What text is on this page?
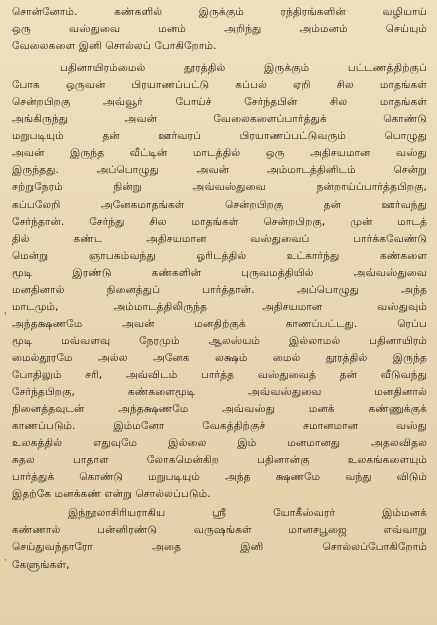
சொன்னோம். கண்களில் இருக்கும் ரந்திரங்களின் வழியாய்
ஒரு வஸ்துவை மனம் அறிந்து அம்மனம் செய்யும்
வேலைகளை இனி சொல்லப் போகிறோம்.
பதினாயிரம்மைல் தூரத்தில் இருக்கும் பட்டணத்திற்குப்
போக ஒருவன் பிரயாணப்பட்டு கப்பல் ஏறி சில மாதங்கள்
சென்றபிறகு அவ்வூர் போய்ச் சேர்ந்தபின் சில மாதங்கள்
அங்கிருந்து அவன் வேலைகளைப்பார்த்துக் கொண்டு
மறுபடியும் தன் ஊர்வரப் பிரயாணப்பட்டுவரும் பொழுது
அவன் இருந்த வீட்டின் மாடத்தில் ஒரு அதிசயமான வஸ்து
இருந்தது. அப்பொழுது அவன் அம்மாடத்தினிடம் சென்று
சற்றுநேரம் நின்று அவ்வஸ்துவை நன்றாய்ப்பார்த்தபிறகு,
கப்பலேறி அனேகமாதங்கள் சென்றபிறகு தன் ஊர்வந்து
சேர்ந்தான். சேர்ந்து சில மாதங்கள் சென்றபிறகு, முன் மாடத்
தில் கண்ட அதிசயமான வஸ்துவைப் பார்க்கவேண்டு
மென்று ஞாபகம்வந்து ஓரிடத்தில் உட்கார்ந்து கண்களை
மூடி இரண்டு கண்களின் புருவமத்தியில் அவ்வஸ்துவை
மனதினால் நினைத்துப் பார்த்தான். அப்பொழுது அந்த
மாடமும், அம்மாடத்திலிருந்த அதிசயமான வஸ்துவும்
அந்தக்ஷணமே அவன் மனதிற்குக் காணப்பட்டது. ரெப்ப
மூடி மவ்வளவு நேரமும் ஆலஸ்யம் இல்லாமல் பதினாயிரம்
மைல்தூரமே அல்ல அனேக லக்ஷம் மைல் தூரத்தில் இருந்த
போதிலும் சரி, அவ்விடம் பார்த்த வஸ்துவைத் தன் வீடுவந்து
சேர்ந்தபிறகு, கண்களைமூடி அவ்வஸ்துவை மனதினால்
நினைத்தவுடன் அந்தக்ஷணமே அவ்வஸ்து மனக் கண்ணுக்குக்
காணப்படும். இம்மனோ வேகத்திற்குச் சமானமான வஸ்து
உலகத்தில் எதுவுமே இல்லை இம் மனமானது அதலவிதல
சுதல பாதாள லோகமென்கிற பதினான்கு உலகங்களையும்
பார்த்துக் கொண்டு மறுபடியும் அந்த க்ஷணமே வந்து விடும்
இதற்கே மனக்கண் என்று சொல்லப்படும்.
இந்நூலாசிரியராகிய ஸ்ரீ யோகீஸ்வரர் இம்மனக்
கண்ணால் பன்னிரண்டு வருஷங்கள் மானசபூஜை எவ்வாறு
செய்துவந்தாரோ அதை இனி சொல்லப்போகிறோம்
கேளுங்கள்,
'
·
